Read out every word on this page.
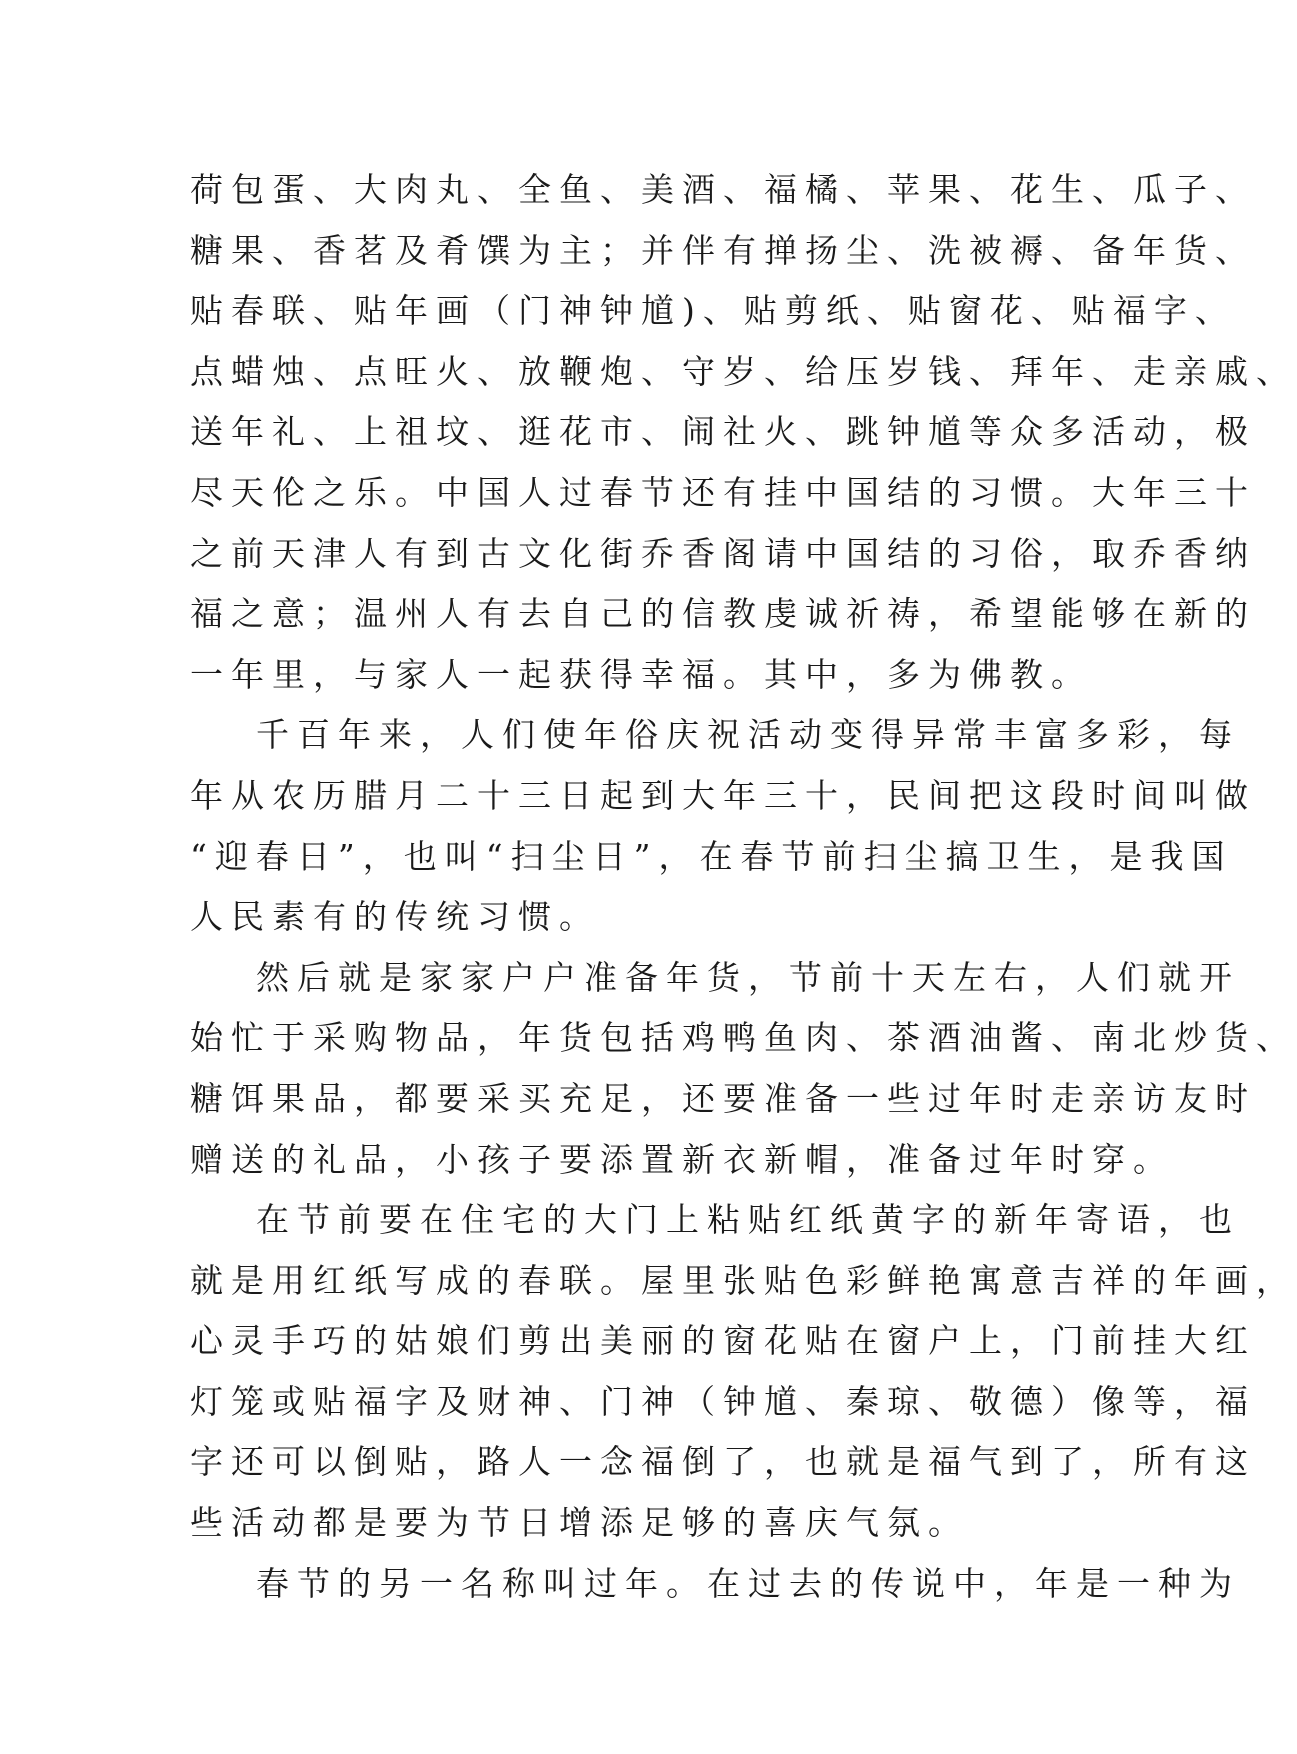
荷包蛋、大肉丸、全鱼、美酒、福橘、苹果、花生、瓜子、
糖果、香茗及肴馔为主；并伴有掸扬尘、洗被褥、备年货、
贴春联、贴年画（门神钟馗)、贴剪纸、贴窗花、贴福字、
点蜡烛、点旺火、放鞭炮、守岁、给压岁钱、拜年、走亲戚、
送年礼、上祖坟、逛花市、闹社火、跳钟馗等众多活动，极
尽天伦之乐。中国人过春节还有挂中国结的习惯。大年三十
之前天津人有到古文化街乔香阁请中国结的习俗，取乔香纳
福之意；温州人有去自己的信教虔诚祈祷，希望能够在新的
一年里，与家人一起获得幸福。其中，多为佛教。
千百年来，人们使年俗庆祝活动变得异常丰富多彩，每
年从农历腊月二十三日起到大年三十，民间把这段时间叫做
“迎春日”，也叫“扫尘日”，在春节前扫尘搞卫生，是我国
人民素有的传统习惯。
然后就是家家户户准备年货，节前十天左右，人们就开
始忙于采购物品，年货包括鸡鸭鱼肉、茶酒油酱、南北炒货、
糖饵果品，都要采买充足，还要准备一些过年时走亲访友时
赠送的礼品，小孩子要添置新衣新帽，准备过年时穿。
在节前要在住宅的大门上粘贴红纸黄字的新年寄语，也
就是用红纸写成的春联。屋里张贴色彩鲜艳寓意吉祥的年画，
心灵手巧的姑娘们剪出美丽的窗花贴在窗户上，门前挂大红
灯笼或贴福字及财神、门神（钟馗、秦琼、敬德）像等，福
字还可以倒贴，路人一念福倒了，也就是福气到了，所有这
些活动都是要为节日增添足够的喜庆气氛。
春节的另一名称叫过年。在过去的传说中，年是一种为
